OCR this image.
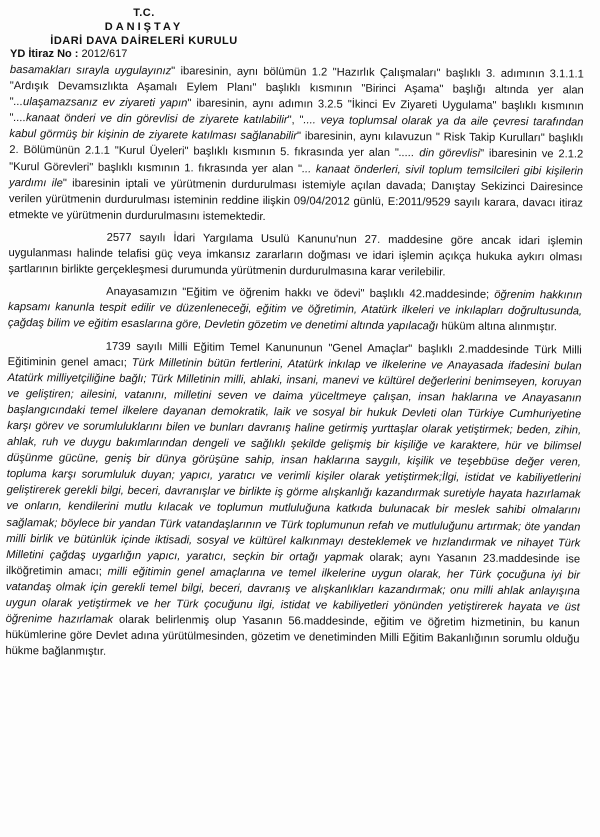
T.C.
DANIŞTAY
İDARİ DAVA DAİRELERİ KURULU
YD İtiraz No : 2012/617

basamakları sırayla uygulayınız" ibaresinin, aynı bölümün 1.2 "Hazırlık Çalışmaları" başlıklı 3. adımının 3.1.1.1 "Ardışık Devamsızlıkta Aşamalı Eylem Planı" başlıklı kısmının "Birinci Aşama" başlığı altında yer alan "...ulaşamazsanız ev ziyareti yapın" ibaresinin, aynı adımın 3.2.5 "İkinci Ev Ziyareti Uygulama" başlıklı kısmının "....kanaat önderi ve din görevlisi de ziyarete katılabilir", ".... veya toplumsal olarak ya da aile çevresi tarafından kabul görmüş bir kişinin de ziyarete katılması sağlanabilir" ibaresinin, aynı kılavuzun " Risk Takip Kurulları" başlıklı 2. Bölümünün 2.1.1 "Kurul Üyeleri" başlıklı kısmının 5. fıkrasında yer alan "..... din görevlisi" ibaresinin ve 2.1.2 "Kurul Görevleri" başlıklı kısmının 1. fıkrasında yer alan "... kanaat önderleri, sivil toplum temsilcileri gibi kişilerin yardımı ile" ibaresinin iptali ve yürütmenin durdurulması istemiyle açılan davada; Danıştay Sekizinci Dairesince verilen yürütmenin durdurulması isteminin reddine ilişkin 09/04/2012 günlü, E:2011/9529 sayılı karara, davacı itiraz etmekte ve yürütmenin durdurulmasını istemektedir.

2577 sayılı İdari Yargılama Usulü Kanunu'nun 27. maddesine göre ancak idari işlemin uygulanması halinde telafisi güç veya imkansız zararların doğması ve idari işlemin açıkça hukuka aykırı olması şartlarının birlikte gerçekleşmesi durumunda yürütmenin durdurulmasına karar verilebilir.

Anayasamızın "Eğitim ve öğrenim hakkı ve ödevi" başlıklı 42.maddesinde; öğrenim hakkının kapsamı kanunla tespit edilir ve düzenleneceği, eğitim ve öğretimin, Atatürk ilkeleri ve inkılapları doğrultusunda, çağdaş bilim ve eğitim esaslarına göre, Devletin gözetim ve denetimi altında yapılacağı hüküm altına alınmıştır.

1739 sayılı Milli Eğitim Temel Kanununun "Genel Amaçlar" başlıklı 2.maddesinde Türk Milli Eğitiminin genel amacı; Türk Milletinin bütün fertlerini, Atatürk inkılap ve ilkelerine ve Anayasada ifadesini bulan Atatürk milliyetçiliğine bağlı; Türk Milletinin milli, ahlaki, insani, manevi ve kültürel değerlerini benimseyen, koruyan ve geliştiren; ailesini, vatanını, milletini seven ve daima yüceltmeye çalışan, insan haklarına ve Anayasanın başlangıcındaki temel ilkelere dayanan demokratik, laik ve sosyal bir hukuk Devleti olan Türkiye Cumhuriyetine karşı görev ve sorumluluklarını bilen ve bunları davranış haline getirmiş yurttaşlar olarak yetiştirmek; beden, zihin, ahlak, ruh ve duygu bakımlarından dengeli ve sağlıklı şekilde gelişmiş bir kişiliğe ve karaktere, hür ve bilimsel düşünme gücüne, geniş bir dünya görüşüne sahip, insan haklarına saygılı, kişilik ve teşebbüse değer veren, topluma karşı sorumluluk duyan; yapıcı, yaratıcı ve verimli kişiler olarak yetiştirmek;İlgi, istidat ve kabiliyetlerini geliştirerek gerekli bilgi, beceri, davranışlar ve birlikte iş görme alışkanlığı kazandırmak suretiyle hayata hazırlamak ve onların, kendilerini mutlu kılacak ve toplumun mutluluğuna katkıda bulunacak bir meslek sahibi olmalarını sağlamak; böylece bir yandan Türk vatandaşlarının ve Türk toplumunun refah ve mutluluğunu artırmak; öte yandan milli birlik ve bütünlük içinde iktisadi, sosyal ve kültürel kalkınmayı desteklemek ve hızlandırmak ve nihayet Türk Milletini çağdaş uygarlığın yapıcı, yaratıcı, seçkin bir ortağı yapmak olarak; aynı Yasanın 23.maddesinde ise ilköğretimin amacı; milli eğitimin genel amaçlarına ve temel ilkelerine uygun olarak, her Türk çocuğuna iyi bir vatandaş olmak için gerekli temel bilgi, beceri, davranış ve alışkanlıkları kazandırmak; onu milli ahlak anlayışına uygun olarak yetiştirmek ve her Türk çocuğunu ilgi, istidat ve kabiliyetleri yönünden yetiştirerek hayata ve üst öğrenime hazırlamak olarak belirlenmiş olup Yasanın 56.maddesinde, eğitim ve öğretim hizmetinin, bu kanun hükümlerine göre Devlet adına yürütülmesinden, gözetim ve denetiminden Milli Eğitim Bakanlığının sorumlu olduğu hükme bağlanmıştır.
